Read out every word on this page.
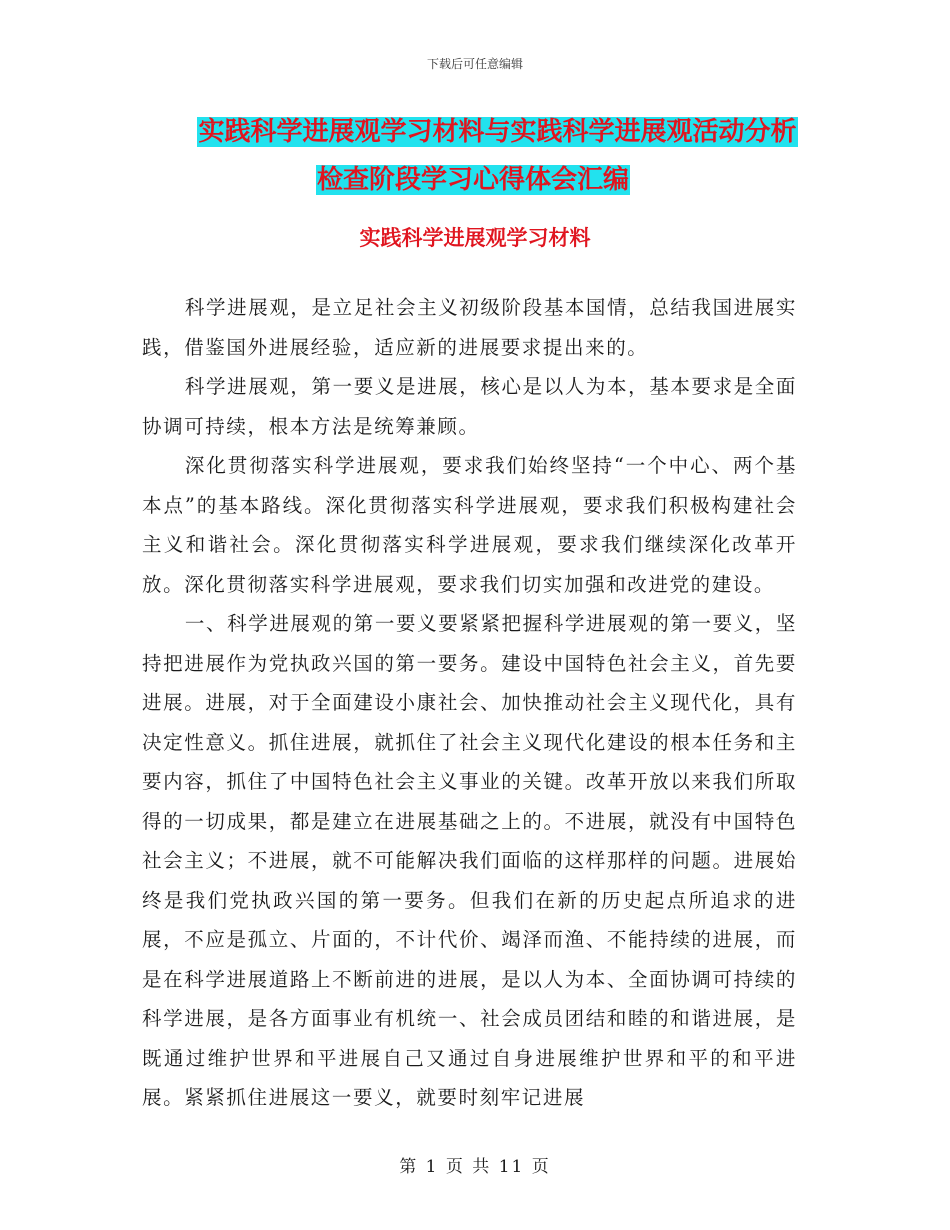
下载后可任意编辑
实践科学进展观学习材料与实践科学进展观活动分析
检查阶段学习心得体会汇编
实践科学进展观学习材料

科学进展观，是立足社会主义初级阶段基本国情，总结我国进展实践，借鉴国外进展经验，适应新的进展要求提出来的。

科学进展观，第一要义是进展，核心是以人为本，基本要求是全面协调可持续，根本方法是统筹兼顾。

深化贯彻落实科学进展观，要求我们始终坚持“一个中心、两个基本点”的基本路线。深化贯彻落实科学进展观，要求我们积极构建社会主义和谐社会。深化贯彻落实科学进展观，要求我们继续深化改革开放。深化贯彻落实科学进展观，要求我们切实加强和改进党的建设。

一、科学进展观的第一要义要紧紧把握科学进展观的第一要义，坚持把进展作为党执政兴国的第一要务。建设中国特色社会主义，首先要进展。进展，对于全面建设小康社会、加快推动社会主义现代化，具有决定性意义。抓住进展，就抓住了社会主义现代化建设的根本任务和主要内容，抓住了中国特色社会主义事业的关键。改革开放以来我们所取得的一切成果，都是建立在进展基础之上的。不进展，就没有中国特色社会主义；不进展，就不可能解决我们面临的这样那样的问题。进展始终是我们党执政兴国的第一要务。但我们在新的历史起点所追求的进展，不应是孤立、片面的，不计代价、竭泽而渔、不能持续的进展，而是在科学进展道路上不断前进的进展，是以人为本、全面协调可持续的科学进展，是各方面事业有机统一、社会成员团结和睦的和谐进展，是既通过维护世界和平进展自己又通过自身进展维护世界和平的和平进展。紧紧抓住进展这一要义，就要时刻牢记进展

第 1 页 共 11 页
